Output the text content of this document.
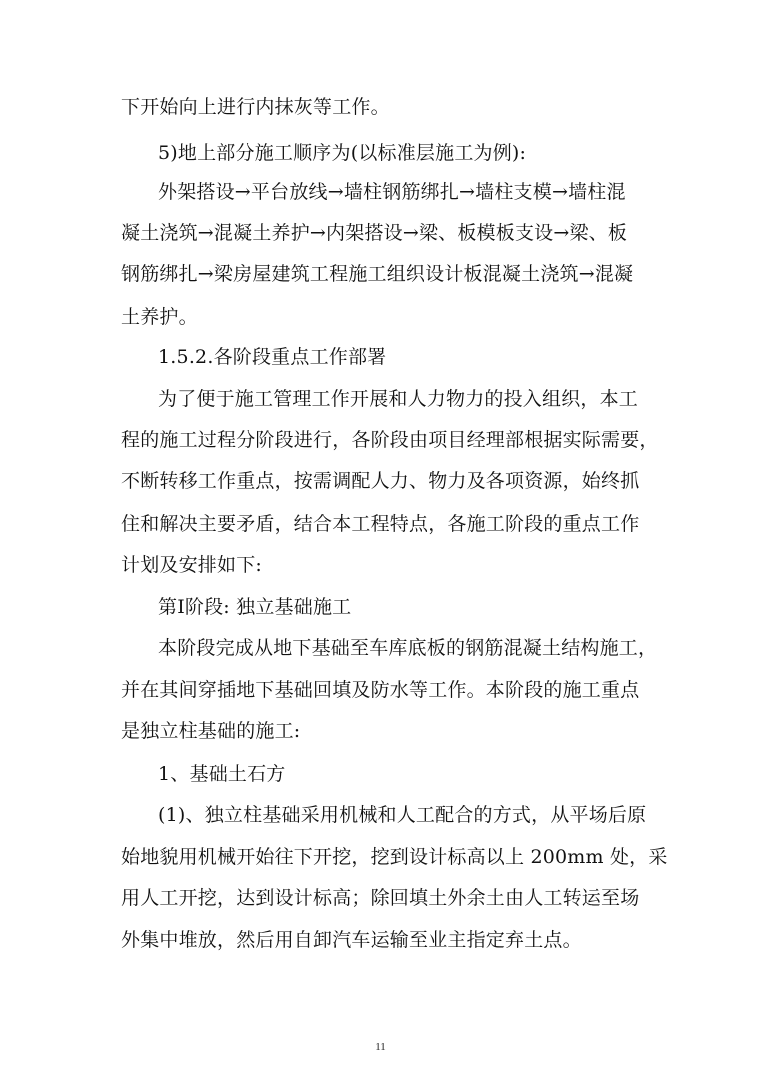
下开始向上进行内抹灰等工作。
5)地上部分施工顺序为(以标准层施工为例):
外架搭设→平台放线→墙柱钢筋绑扎→墙柱支模→墙柱混
凝土浇筑→混凝土养护→内架搭设→梁、板模板支设→梁、板
钢筋绑扎→梁房屋建筑工程施工组织设计板混凝土浇筑→混凝
土养护。
1.5.2.各阶段重点工作部署
为了便于施工管理工作开展和人力物力的投入组织，本工
程的施工过程分阶段进行，各阶段由项目经理部根据实际需要，
不断转移工作重点，按需调配人力、物力及各项资源，始终抓
住和解决主要矛盾，结合本工程特点，各施工阶段的重点工作
计划及安排如下:
第Ⅰ阶段: 独立基础施工
本阶段完成从地下基础至车库底板的钢筋混凝土结构施工，
并在其间穿插地下基础回填及防水等工作。本阶段的施工重点
是独立柱基础的施工:
1、基础土石方
(1)、独立柱基础采用机械和人工配合的方式，从平场后原
始地貌用机械开始往下开挖，挖到设计标高以上 200mm 处，采
用人工开挖，达到设计标高；除回填土外余土由人工转运至场
外集中堆放，然后用自卸汽车运输至业主指定弃土点。
11
